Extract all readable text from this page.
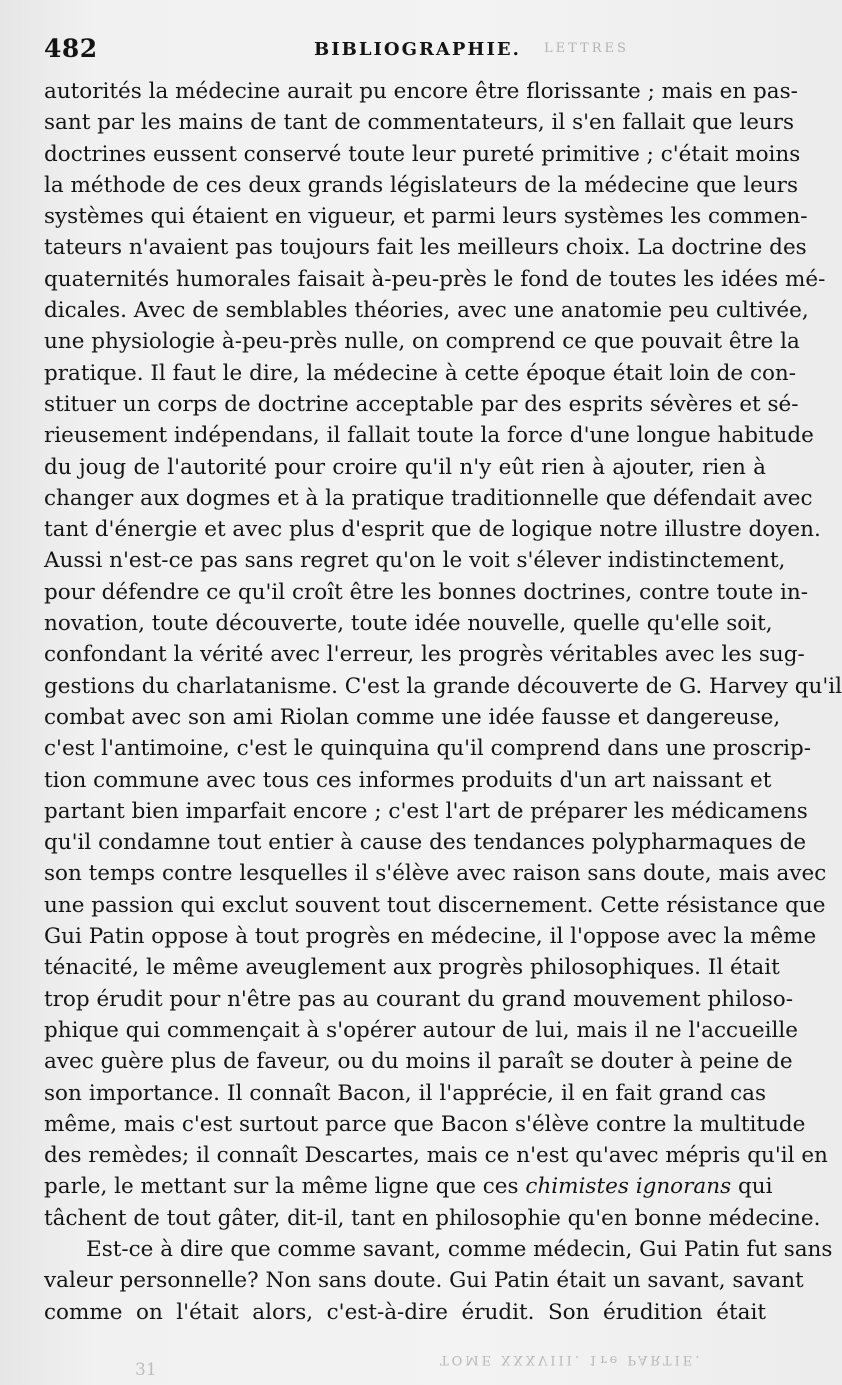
482	BIBLIOGRAPHIE. LETTRES
autorités la médecine aurait pu encore être florissante ; mais en pas-
sant par les mains de tant de commentateurs, il s'en fallait que leurs
doctrines eussent conservé toute leur pureté primitive ; c'était moins
la méthode de ces deux grands législateurs de la médecine que leurs
systèmes qui étaient en vigueur, et parmi leurs systèmes les commen-
tateurs n'avaient pas toujours fait les meilleurs choix. La doctrine des
quaternités humorales faisait à-peu-près le fond de toutes les idées mé-
dicales. Avec de semblables théories, avec une anatomie peu cultivée,
une physiologie à-peu-près nulle, on comprend ce que pouvait être la
pratique. Il faut le dire, la médecine à cette époque était loin de con-
stituer un corps de doctrine acceptable par des esprits sévères et sé-
rieusement indépendans, il fallait toute la force d'une longue habitude
du joug de l'autorité pour croire qu'il n'y eût rien à ajouter, rien à
changer aux dogmes et à la pratique traditionnelle que défendait avec
tant d'énergie et avec plus d'esprit que de logique notre illustre doyen.
Aussi n'est-ce pas sans regret qu'on le voit s'élever indistinctement,
pour défendre ce qu'il croît être les bonnes doctrines, contre toute in-
novation, toute découverte, toute idée nouvelle, quelle qu'elle soit,
confondant la vérité avec l'erreur, les progrès véritables avec les sug-
gestions du charlatanisme. C'est la grande découverte de G. Harvey qu'il
combat avec son ami Riolan comme une idée fausse et dangereuse,
c'est l'antimoine, c'est le quinquina qu'il comprend dans une proscrip-
tion commune avec tous ces informes produits d'un art naissant et
partant bien imparfait encore ; c'est l'art de préparer les médicamens
qu'il condamne tout entier à cause des tendances polypharmaques de
son temps contre lesquelles il s'élève avec raison sans doute, mais avec
une passion qui exclut souvent tout discernement. Cette résistance que
Gui Patin oppose à tout progrès en médecine, il l'oppose avec la même
ténacité, le même aveuglement aux progrès philosophiques. Il était
trop érudit pour n'être pas au courant du grand mouvement philoso-
phique qui commençait à s'opérer autour de lui, mais il ne l'accueille
avec guère plus de faveur, ou du moins il paraît se douter à peine de
son importance. Il connaît Bacon, il l'apprécie, il en fait grand cas
même, mais c'est surtout parce que Bacon s'élève contre la multitude
des remèdes; il connaît Descartes, mais ce n'est qu'avec mépris qu'il en
parle, le mettant sur la même ligne que ces chimistes ignorans qui
tâchent de tout gâter, dit-il, tant en philosophie qu'en bonne médecine.
Est-ce à dire que comme savant, comme médecin, Gui Patin fut sans
valeur personnelle? Non sans doute. Gui Patin était un savant, savant
comme on l'était alors, c'est-à-dire érudit. Son érudition était
31
TOME XXXVIII. 1re PARTIE.
